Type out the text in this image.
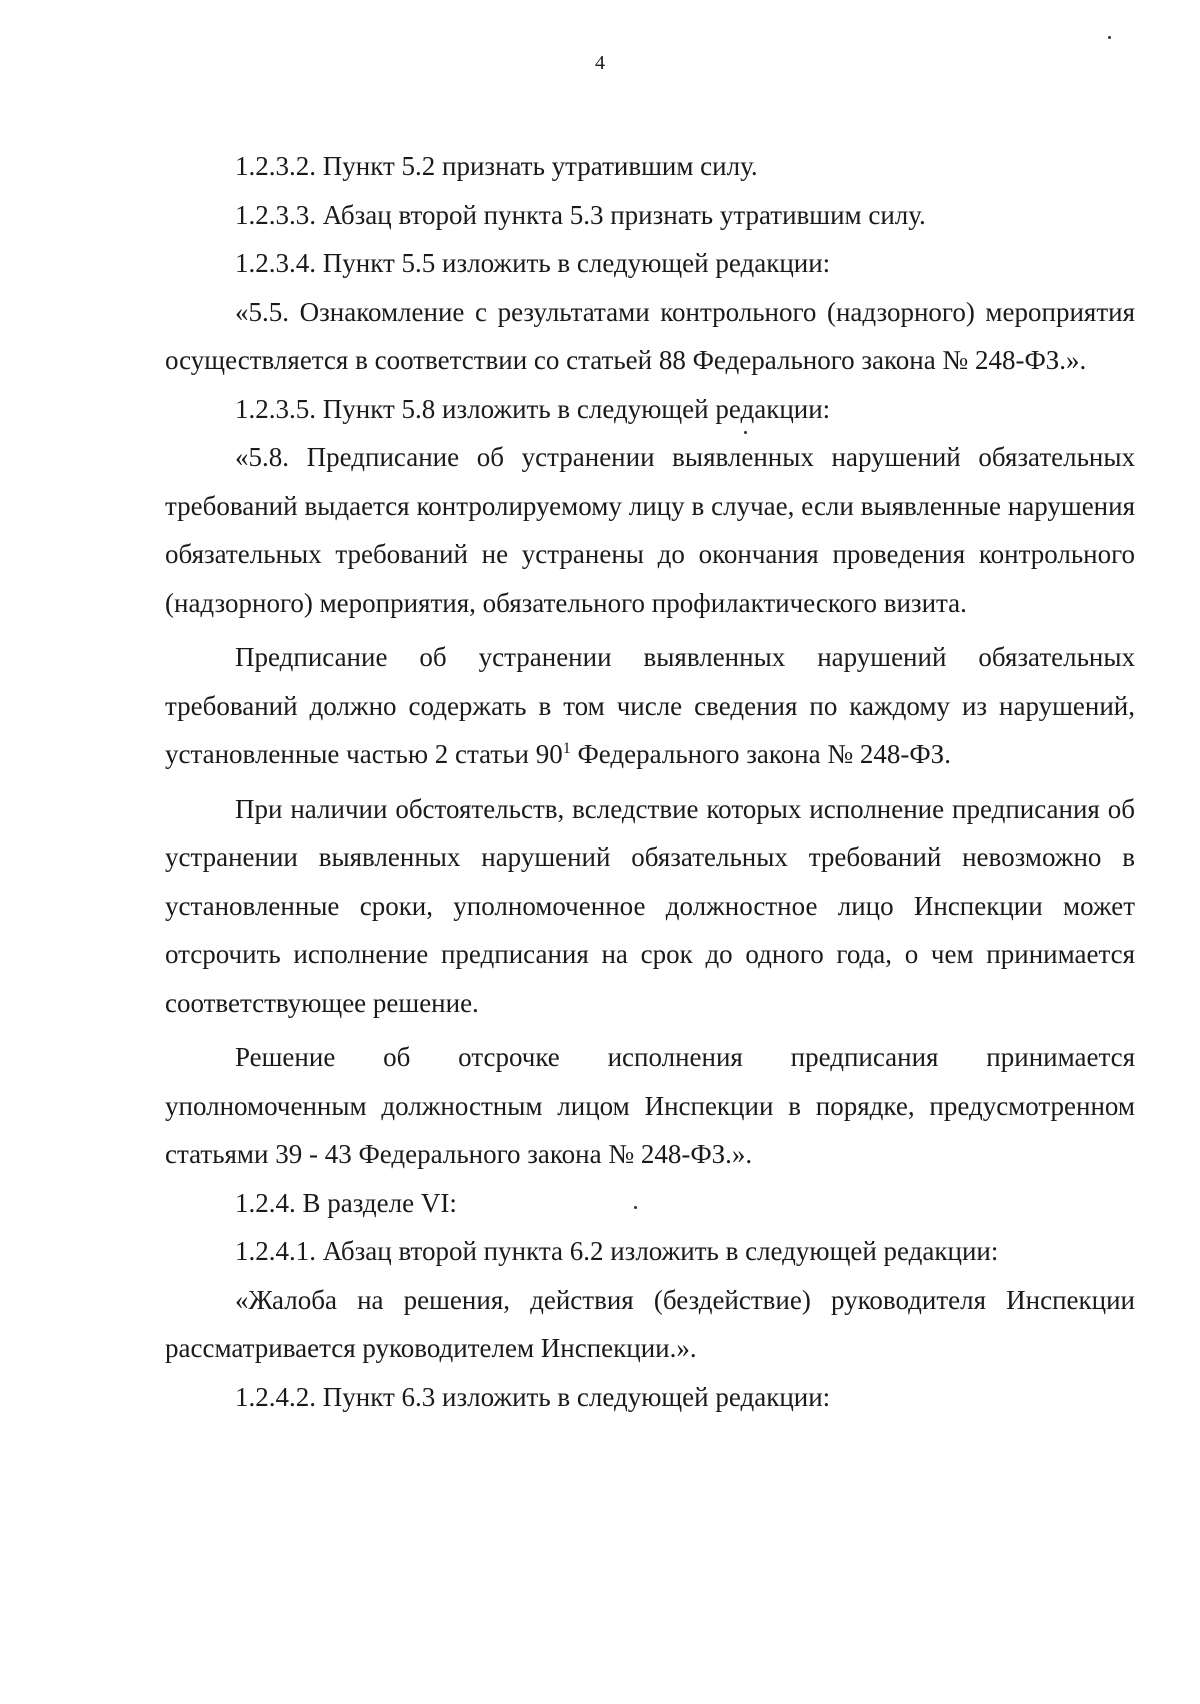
4

1.2.3.2. Пункт 5.2 признать утратившим силу.

1.2.3.3. Абзац второй пункта 5.3 признать утратившим силу.

1.2.3.4. Пункт 5.5 изложить в следующей редакции:

«5.5. Ознакомление с результатами контрольного (надзорного) мероприятия осуществляется в соответствии со статьей 88 Федерального закона № 248-ФЗ.».

1.2.3.5. Пункт 5.8 изложить в следующей редакции:

«5.8. Предписание об устранении выявленных нарушений обязательных требований выдается контролируемому лицу в случае, если выявленные нарушения обязательных требований не устранены до окончания проведения контрольного (надзорного) мероприятия, обязательного профилактического визита.

Предписание об устранении выявленных нарушений обязательных требований должно содержать в том числе сведения по каждому из нарушений, установленные частью 2 статьи $90^1$ Федерального закона № 248-ФЗ.

При наличии обстоятельств, вследствие которых исполнение предписания об устранении выявленных нарушений обязательных требований невозможно в установленные сроки, уполномоченное должностное лицо Инспекции может отсрочить исполнение предписания на срок до одного года, о чем принимается соответствующее решение.

Решение об отсрочке исполнения предписания принимается уполномоченным должностным лицом Инспекции в порядке, предусмотренном статьями 39 - 43 Федерального закона № 248-ФЗ.».

1.2.4. В разделе VI:

1.2.4.1. Абзац второй пункта 6.2 изложить в следующей редакции:

«Жалоба на решения, действия (бездействие) руководителя Инспекции рассматривается руководителем Инспекции.».

1.2.4.2. Пункт 6.3 изложить в следующей редакции:
